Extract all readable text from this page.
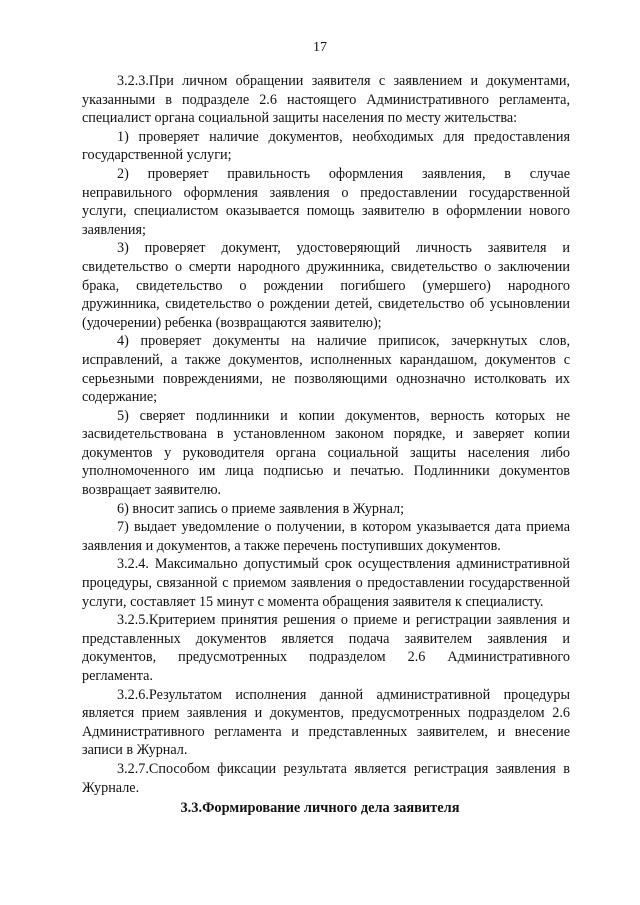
17

3.2.3.При личном обращении заявителя с заявлением и документами, указанными в подразделе 2.6 настоящего Административного регламента, специалист органа социальной защиты населения по месту жительства:

1) проверяет наличие документов, необходимых для предоставления государственной услуги;

2) проверяет правильность оформления заявления, в случае неправильного оформления заявления о предоставлении государственной услуги, специалистом оказывается помощь заявителю в оформлении нового заявления;

3) проверяет документ, удостоверяющий личность заявителя и свидетельство о смерти народного дружинника, свидетельство о заключении брака, свидетельство о рождении погибшего (умершего) народного дружинника, свидетельство о рождении детей, свидетельство об усыновлении (удочерении) ребенка (возвращаются заявителю);

4) проверяет документы на наличие приписок, зачеркнутых слов, исправлений, а также документов, исполненных карандашом, документов с серьезными повреждениями, не позволяющими однозначно истолковать их содержание;

5) сверяет подлинники и копии документов, верность которых не засвидетельствована в установленном законом порядке, и заверяет копии документов у руководителя органа социальной защиты населения либо уполномоченного им лица подписью и печатью. Подлинники документов возвращает заявителю.

6) вносит запись о приеме заявления в Журнал;

7) выдает уведомление о получении, в котором указывается дата приема заявления и документов, а также перечень поступивших документов.

3.2.4. Максимально допустимый срок осуществления административной процедуры, связанной с приемом заявления о предоставлении государственной услуги, составляет 15 минут с момента обращения заявителя к специалисту.

3.2.5.Критерием принятия решения о приеме и регистрации заявления и представленных документов является подача заявителем заявления и документов, предусмотренных подразделом 2.6 Административного регламента.

3.2.6.Результатом исполнения данной административной процедуры является прием заявления и документов, предусмотренных подразделом 2.6 Административного регламента и представленных заявителем, и внесение записи в Журнал.

3.2.7.Способом фиксации результата является регистрация заявления в Журнале.

3.3.Формирование личного дела заявителя
